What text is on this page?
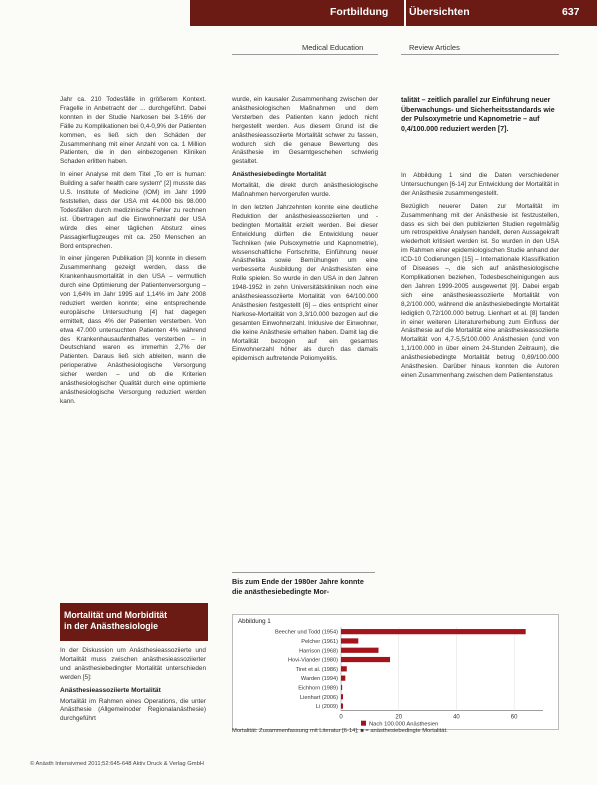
Fortbildung Übersichten	637
Medical Education	Review Articles

Jahr ca. 210 Todesfälle in größerem Kontext. Fragelle in Anbetracht der ... durchgeführt. Dabei konnten in der Studie Narkosen bei 3-16% der Fälle zu Komplikationen bei 0,4-0,9% der Patienten kommen, es ließ sich den Schäden der Zusammenhang mit einer Anzahl von ca. 1 Million Patienten, die in den einbezogenen Kliniken Schaden erlitten haben.

In einer Analyse mit dem Titel „To err is human: Building a safer health care system“ [2] musste das U.S. Institute of Medicine (IOM) im Jahr 1999 feststellen, dass der USA mit 44.000 bis 98.000 Todesfällen durch medizinische Fehler zu rechnen ist. Übertragen auf die Einwohnerzahl der USA würde dies einer täglichen Absturz eines Passagierflugzeuges mit ca. 250 Menschen an Bord entsprechen.

In einer jüngeren Publikation [3] konnte in diesem Zusammenhang gezeigt werden, dass die Krankenhausmortalität in den USA – vermutlich durch eine Optimierung der Patientenversorgung – von 1,64% im Jahr 1995 auf 1,14% im Jahr 2008 reduziert werden konnte; eine entsprechende europäische Untersuchung [4] hat dagegen ermittelt, dass 4% der Patienten versterben. Von etwa 47.000 untersuchten Patienten 4% während des Krankenhausaufenthaltes versterben – in Deutschland waren es immerhin 2,7% der Patienten. Daraus ließ sich ableiten, wann die perioperative Anästhesiologische Versorgung sicher werden – und ob die Kriterien anästhesiologischer Qualität durch eine optimierte anästhesiologische Versorgung reduziert werden kann.

Mortalität und Morbidität
in der Anästhesiologie

In der Diskussion um Anästhesieassoziierte und Mortalität muss zwischen anästhesieassoziierter und anästhesiebedingter Mortalität unterschieden werden [5]:

Anästhesieassoziierte Mortalität

Mortalität im Rahmen eines Operations, die unter Anästhesie (Allgemeinoder Regionalanästhesie) durchgeführt

wurde, ein kausaler Zusammenhang zwischen der anästhesiologischen Maßnahmen und dem Versterben des Patienten kann jedoch nicht hergestellt werden. Aus diesem Grund ist die anästhesieassoziierte Mortalität schwer zu fassen, wodurch sich die genaue Bewertung des Anästhesie im Gesamtgeschehen schwierig gestaltet.

Anästhesiebedingte Mortalität

Mortalität, die direkt durch anästhesiologische Maßnahmen hervorgerufen wurde.

In den letzten Jahrzehnten konnte eine deutliche Reduktion der anästhesieassoziierten und -bedingten Mortalität erzielt werden. Bei dieser Entwicklung dürften die Entwicklung neuer Techniken (wie Pulsoxymetrie und Kapnometrie), wissenschaftliche Fortschritte, Einführung neuer Anästhetika sowie Bemühungen um eine verbesserte Ausbildung der Anästhesisten eine Rolle spielen. So wurde in den USA in den Jahren 1948-1952 in zehn Universitätskliniken noch eine anästhesieassoziierte Mortalität von 64/100.000 Anästhesien festgestellt [6] – dies entspricht einer Narkose-Mortalität von 3,3/10.000 bezogen auf die gesamten Einwohnerzahl. Inklusive der Einwohner, die keine Anästhesie erhalten haben. Damit lag die Mortalität bezogen auf ein gesamtes Einwohnerzahl höher als durch das damals epidemisch auftretende Poliomyelitis.

Bis zum Ende der 1980er Jahre konnte die anästhesiebedingte Mor-
talität – zeitlich parallel zur Einführung neuer Überwachungs- und Sicherheitsstandards wie der Pulsoxymetrie und Kapnometrie – auf 0,4/100.000 reduziert werden [7].

In Abbildung 1 sind die Daten verschiedener Untersuchungen [6-14] zur Entwicklung der Mortalität in der Anästhesie zusammengestellt.

Bezüglich neuerer Daten zur Mortalität im Zusammenhang mit der Anästhesie ist festzustellen, dass es sich bei den publizierten Studien regelmäßig um retrospektive Analysen handelt, deren Aussagekraft wiederholt kritisiert werden ist. So wurden in den USA im Rahmen einer epidemiologischen Studie anhand der ICD-10 Codierungen [15] – Internationale Klassifikation of Diseases –, die sich auf anästhesiologische Komplikationen beziehen, Todesbescheinigungen aus den Jahren 1999-2005 ausgewertet [9]. Dabei ergab sich eine anästhesieassoziierte Mortalität von 8,2/100.000, während die anästhesiebedingte Mortalität lediglich 0,72/100.000 betrug. Lienhart et al. [8] fanden in einer weiteren Literaturerhebung zum Einfluss der Anästhesie auf die Mortalität eine anästhesieassoziierte Mortalität von 4,7-5,5/100.000 Anästhesien (und von 1,1/100.000 in über einem 24-Stunden Zeitraum), die anästhesiebedingte Mortalität betrug 0,69/100.000 Anästhesien. Darüber hinaus konnten die Autoren einen Zusammenhang zwischen dem Patientenstatus

Abbildung 1
0	20	40	60
Beecher und Todd (1954)
Pelcher (1961)
Harrison (1968)
Hovi-Viander (1980)
Tiret et al. (1986)
Warden (1994)
Eichhorn (1989)
Lienhart (2006)
Li (2009)
Nach 100.000 Anästhesien
Mortalität: Zusammenfassung mit Literatur [6-14]; ■ = anästhesiebedingte Mortalität.
© Anästh Intensivmed 2011;52:645-648 Aktiv Druck & Verlag GmbH
